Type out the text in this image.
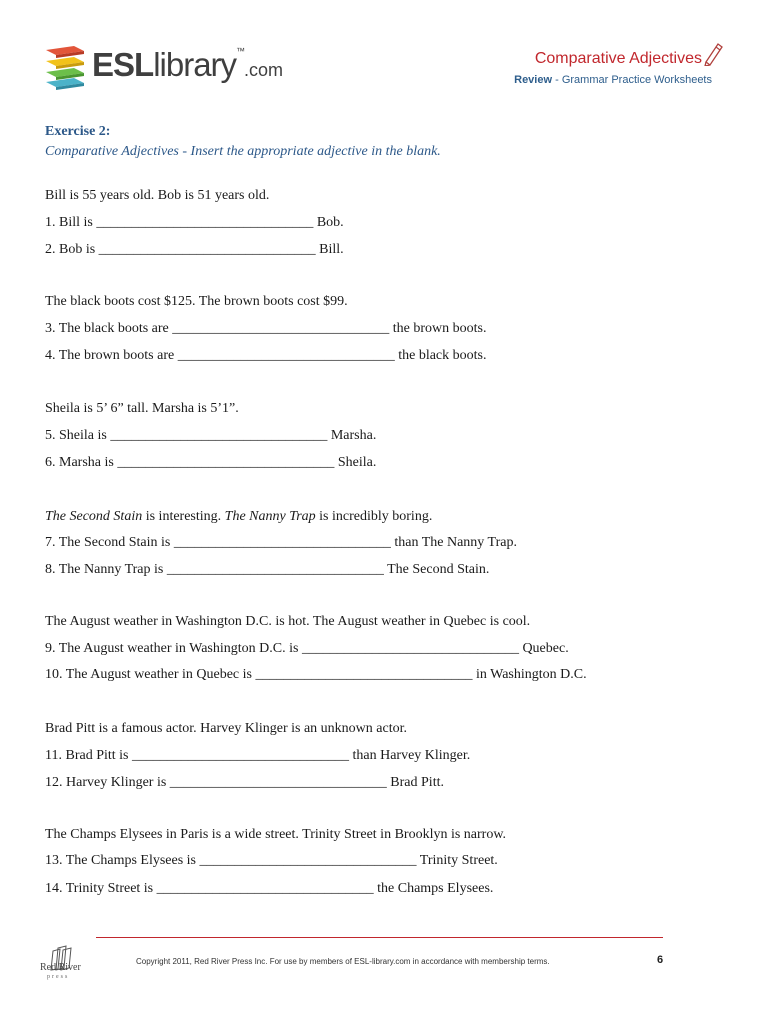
ESLlibrary™.com
Comparative Adjectives
Review - Grammar Practice Worksheets
Exercise 2:
Comparative Adjectives - Insert the appropriate adjective in the blank.
Bill is 55 years old. Bob is 51 years old.
1. Bill is _______________________________ Bob.
2. Bob is _______________________________ Bill.
The black boots cost $125. The brown boots cost $99.
3. The black boots are _______________________________ the brown boots.
4. The brown boots are _______________________________ the black boots.
Sheila is 5’ 6” tall. Marsha is 5’1”.
5. Sheila is _______________________________ Marsha.
6. Marsha is _______________________________ Sheila.
The Second Stain is interesting. The Nanny Trap is incredibly boring.
7. The Second Stain is _______________________________ than The Nanny Trap.
8. The Nanny Trap is _______________________________ The Second Stain.
The August weather in Washington D.C. is hot. The August weather in Quebec is cool.
9. The August weather in Washington D.C. is _______________________________ Quebec.
10. The August weather in Quebec is _______________________________ in Washington D.C.
Brad Pitt is a famous actor. Harvey Klinger is an unknown actor.
11. Brad Pitt is _______________________________ than Harvey Klinger.
12. Harvey Klinger is _______________________________ Brad Pitt.
The Champs Elysees in Paris is a wide street. Trinity Street in Brooklyn is narrow.
13. The Champs Elysees is _______________________________ Trinity Street.
14. Trinity Street is _______________________________ the Champs Elysees.
Red River
press
Copyright 2011, Red River Press Inc. For use by members of ESL-library.com in accordance with membership terms.	6
